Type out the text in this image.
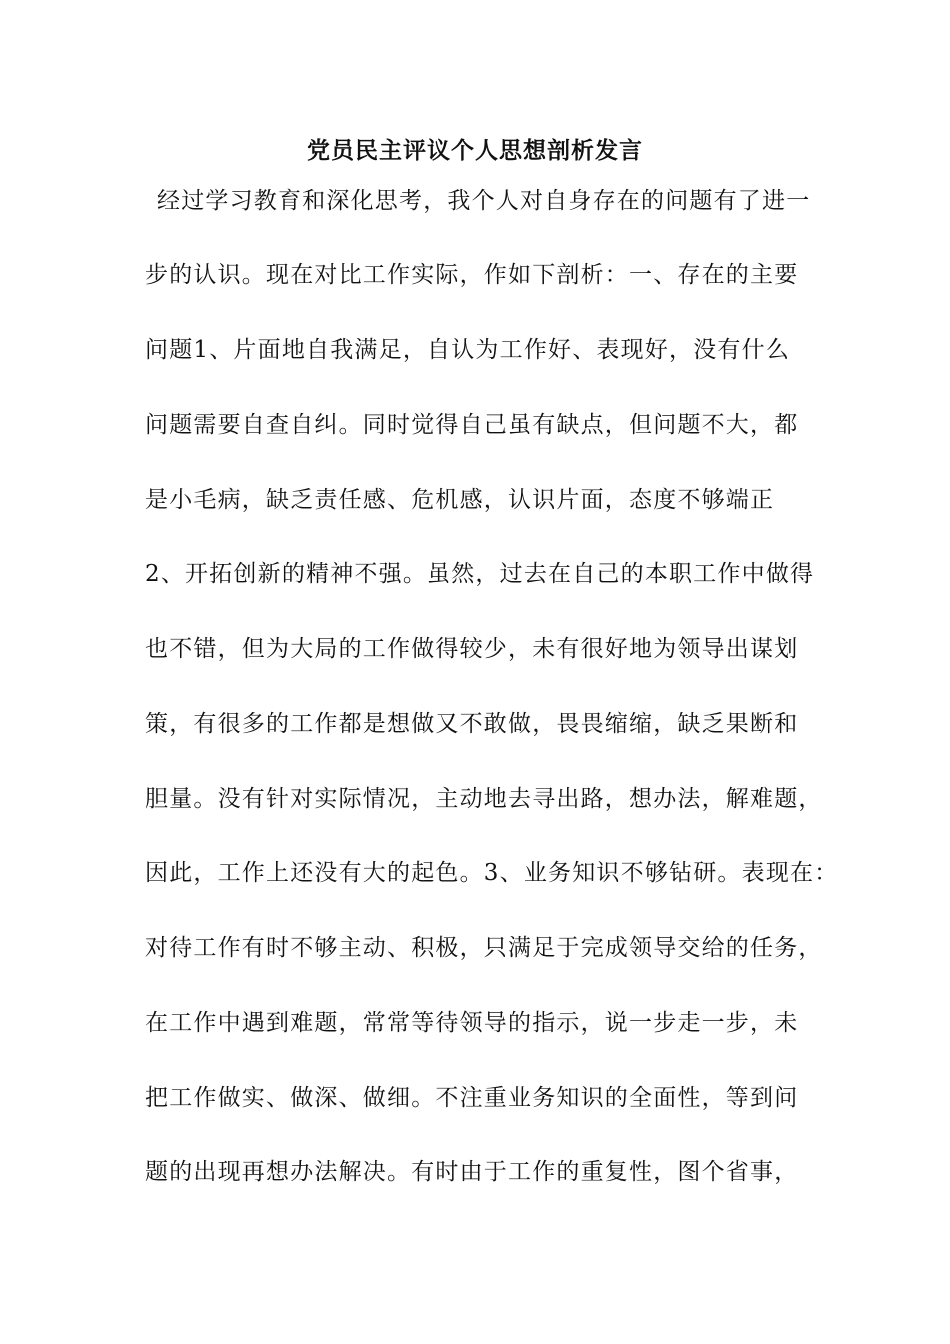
党员民主评议个人思想剖析发言
经过学习教育和深化思考，我个人对自身存在的问题有了进一
步的认识。现在对比工作实际，作如下剖析：一、存在的主要
问题1、片面地自我满足，自认为工作好、表现好，没有什么
问题需要自查自纠。同时觉得自己虽有缺点，但问题不大，都
是小毛病，缺乏责任感、危机感，认识片面，态度不够端正
2、开拓创新的精神不强。虽然，过去在自己的本职工作中做得
也不错，但为大局的工作做得较少，未有很好地为领导出谋划
策，有很多的工作都是想做又不敢做，畏畏缩缩，缺乏果断和
胆量。没有针对实际情况，主动地去寻出路，想办法，解难题，
因此，工作上还没有大的起色。3、业务知识不够钻研。表现在：
对待工作有时不够主动、积极，只满足于完成领导交给的任务，
在工作中遇到难题，常常等待领导的指示，说一步走一步，未
把工作做实、做深、做细。不注重业务知识的全面性，等到问
题的出现再想办法解决。有时由于工作的重复性，图个省事，
